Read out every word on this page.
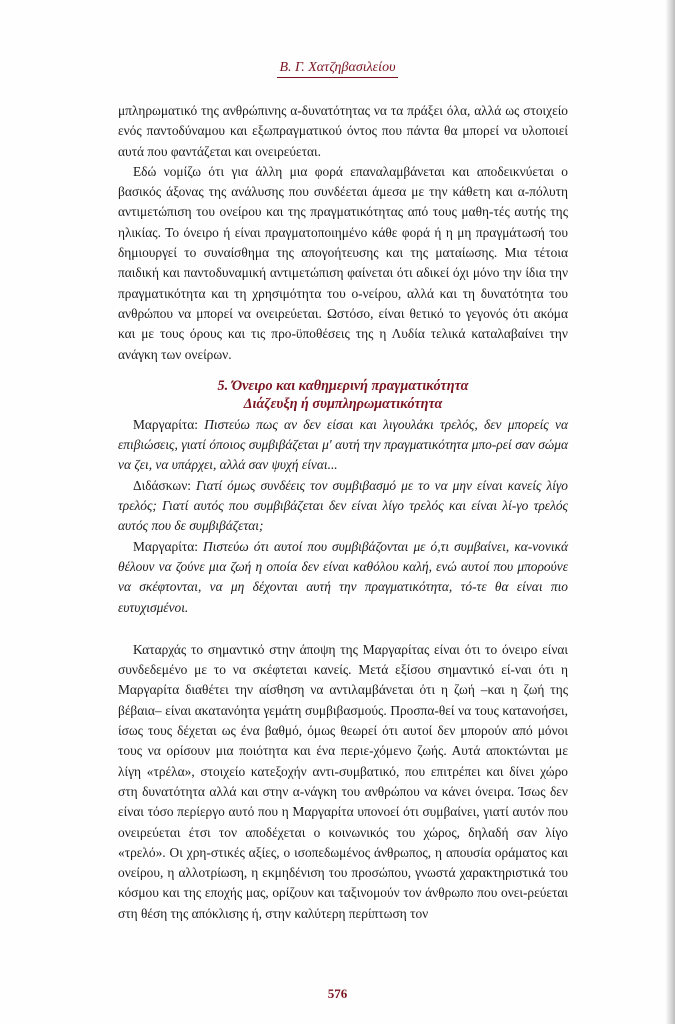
Β. Γ. Χατζηβασιλείου

μπληρωματικό της ανθρώπινης α-δυνατότητας να τα πράξει όλα, αλλά ως στοιχείο ενός παντοδύναμου και εξωπραγματικού όντος που πάντα θα μπορεί να υλοποιεί αυτά που φαντάζεται και ονειρεύεται.

Εδώ νομίζω ότι για άλλη μια φορά επαναλαμβάνεται και αποδεικνύεται ο βασικός άξονας της ανάλυσης που συνδέεται άμεσα με την κάθετη και α-πόλυτη αντιμετώπιση του ονείρου και της πραγματικότητας από τους μαθη-τές αυτής της ηλικίας. Το όνειρο ή είναι πραγματοποιημένο κάθε φορά ή η μη πραγμάτωσή του δημιουργεί το συναίσθημα της απογοήτευσης και της ματαίωσης. Μια τέτοια παιδική και παντοδυναμική αντιμετώπιση φαίνεται ότι αδικεί όχι μόνο την ίδια την πραγματικότητα και τη χρησιμότητα του ο-νείρου, αλλά και τη δυνατότητα του ανθρώπου να μπορεί να ονειρεύεται. Ωστόσο, είναι θετικό το γεγονός ότι ακόμα και με τους όρους και τις προ-ϋποθέσεις της η Λυδία τελικά καταλαβαίνει την ανάγκη των ονείρων.

5. Όνειρο και καθημερινή πραγματικότητα
Διάζευξη ή συμπληρωματικότητα

Μαργαρίτα: Πιστεύω πως αν δεν είσαι και λιγουλάκι τρελός, δεν μπορείς να επιβιώσεις, γιατί όποιος συμβιβάζεται μ' αυτή την πραγματικότητα μπο-ρεί σαν σώμα να ζει, να υπάρχει, αλλά σαν ψυχή είναι...

Διδάσκων: Γιατί όμως συνδέεις τον συμβιβασμό με το να μην είναι κανείς λίγο τρελός; Γιατί αυτός που συμβιβάζεται δεν είναι λίγο τρελός και είναι λί-γο τρελός αυτός που δε συμβιβάζεται;

Μαργαρίτα: Πιστεύω ότι αυτοί που συμβιβάζονται με ό,τι συμβαίνει, κα-νονικά θέλουν να ζούνε μια ζωή η οποία δεν είναι καθόλου καλή, ενώ αυτοί που μπορούνε να σκέφτονται, να μη δέχονται αυτή την πραγματικότητα, τό-τε θα είναι πιο ευτυχισμένοι.

Καταρχάς το σημαντικό στην άποψη της Μαργαρίτας είναι ότι το όνειρο είναι συνδεδεμένο με το να σκέφτεται κανείς. Μετά εξίσου σημαντικό εί-ναι ότι η Μαργαρίτα διαθέτει την αίσθηση να αντιλαμβάνεται ότι η ζωή –και η ζωή της βέβαια– είναι ακατανόητα γεμάτη συμβιβασμούς. Προσπα-θεί να τους κατανοήσει, ίσως τους δέχεται ως ένα βαθμό, όμως θεωρεί ότι αυτοί δεν μπορούν από μόνοι τους να ορίσουν μια ποιότητα και ένα περιε-χόμενο ζωής. Αυτά αποκτώνται με λίγη «τρέλα», στοιχείο κατεξοχήν αντι-συμβατικό, που επιτρέπει και δίνει χώρο στη δυνατότητα αλλά και στην α-νάγκη του ανθρώπου να κάνει όνειρα. Ίσως δεν είναι τόσο περίεργο αυτό που η Μαργαρίτα υπονοεί ότι συμβαίνει, γιατί αυτόν που ονειρεύεται έτσι τον αποδέχεται ο κοινωνικός του χώρος, δηλαδή σαν λίγο «τρελό». Οι χρη-στικές αξίες, ο ισοπεδωμένος άνθρωπος, η απουσία οράματος και ονείρου, η αλλοτρίωση, η εκμηδένιση του προσώπου, γνωστά χαρακτηριστικά του κόσμου και της εποχής μας, ορίζουν και ταξινομούν τον άνθρωπο που ονει-ρεύεται στη θέση της απόκλισης ή, στην καλύτερη περίπτωση τον

576
